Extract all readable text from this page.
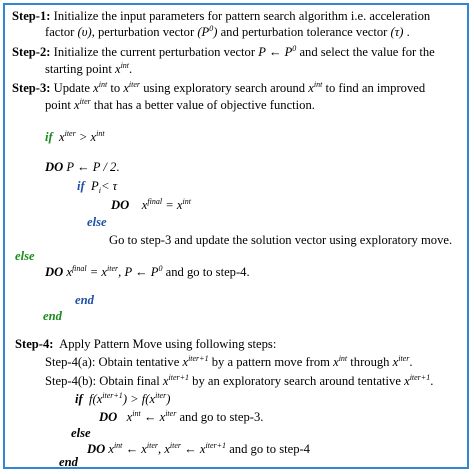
Step-1: Initialize the input parameters for pattern search algorithm i.e. acceleration
factor (υ), perturbation vector $(P^0)$ and perturbation tolerance vector (τ) .
Step-2: Initialize the current perturbation vector P ← $P^0$ and select the value for the
starting point $x^{int}$.
Step-3: Update $x^{int}$ to $x^{iter}$ using exploratory search around $x^{int}$ to find an improved
point $x^{iter}$ that has a better value of objective function.
if $x^{iter} > x^{int}$
DO P ← P / 2.
if $P_i< \tau$
DO $x^{final} = x^{int}$
else
Go to step-3 and update the solution vector using exploratory move.
else
DO $x^{final} = x^{iter}$, P ← $P^0$ and go to step-4.
end
end
Step-4: Apply Pattern Move using following steps:
Step-4(a): Obtain tentative $x^{iter+1}$ by a pattern move from $x^{int}$ through $x^{iter}$.
Step-4(b): Obtain final $x^{iter+1}$ by an exploratory search around tentative $x^{iter+1}$.
if $f(x^{iter+1}) > f(x^{iter})$
DO $x^{int}$ ← $x^{iter}$ and go to step-3.
else
DO $x^{int}$ ← $x^{iter}$, $x^{iter}$ ← $x^{iter+1}$ and go to step-4
end
